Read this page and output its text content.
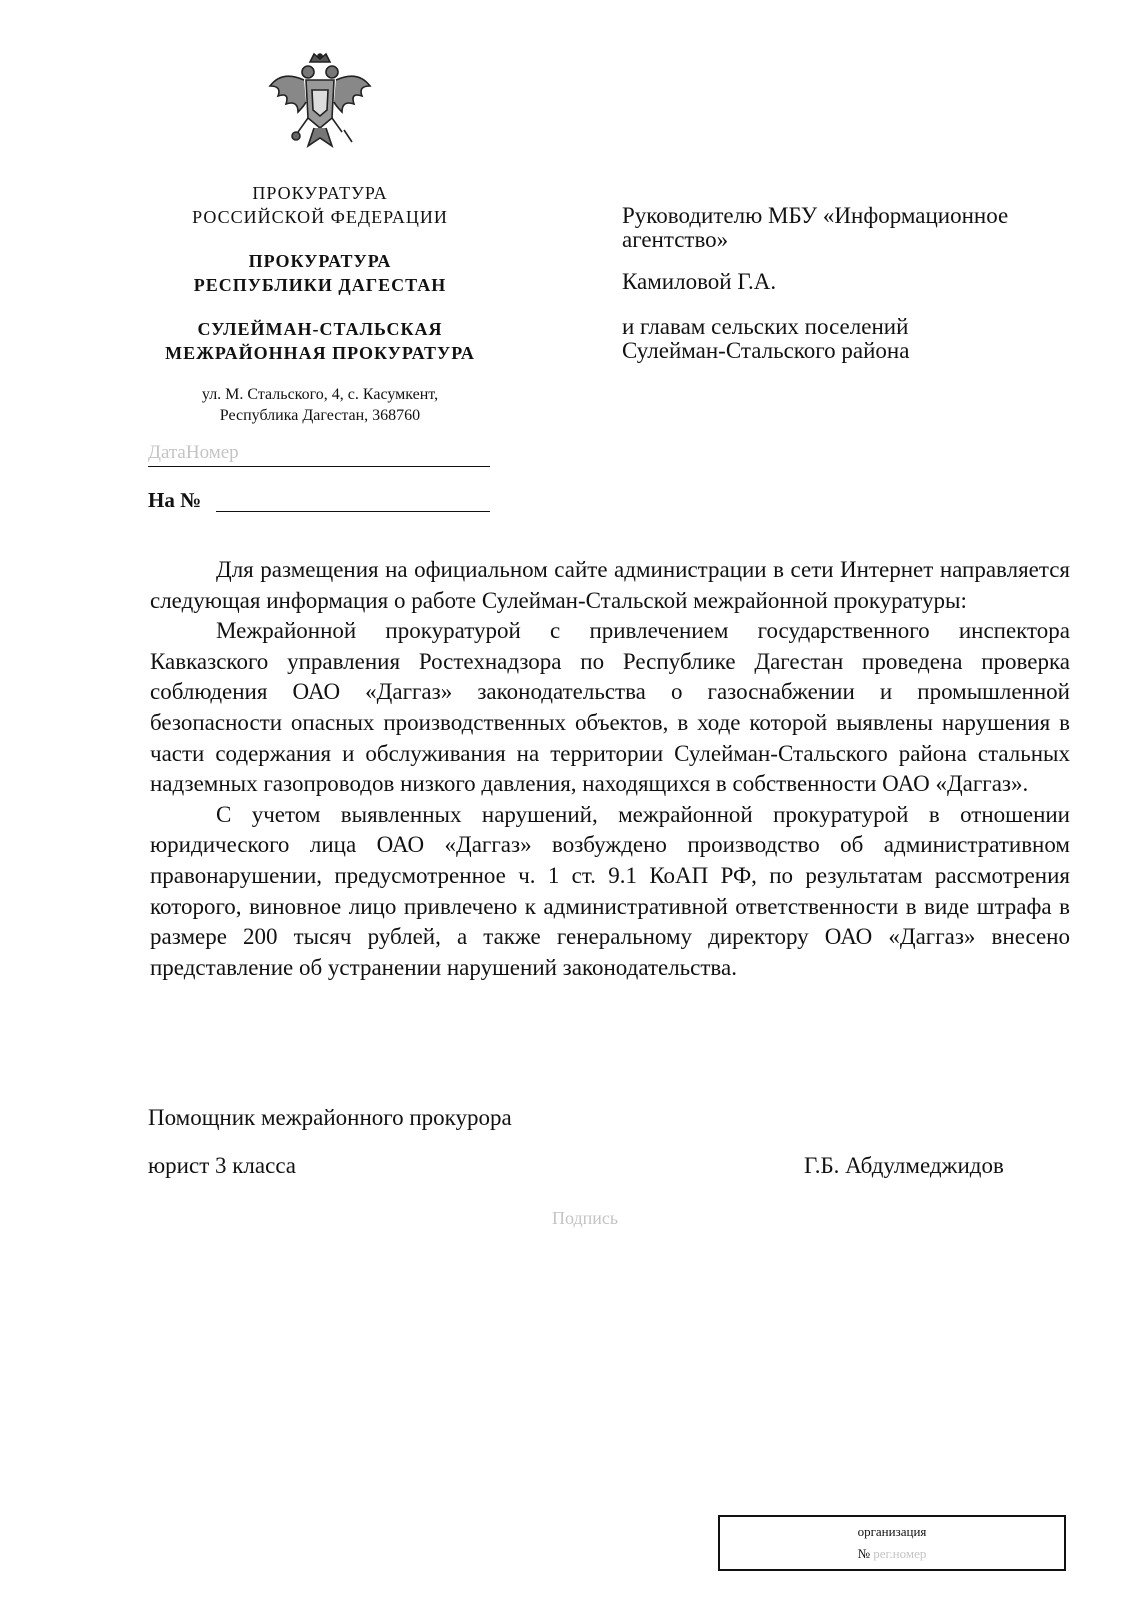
ПРОКУРАТУРА
РОССИЙСКОЙ ФЕДЕРАЦИИ
ПРОКУРАТУРА
РЕСПУБЛИКИ ДАГЕСТАН
СУЛЕЙМАН-СТАЛЬСКАЯ
МЕЖРАЙОННАЯ ПРОКУРАТУРА
ул. М. Стальского, 4, с. Касумкент,
Республика Дагестан, 368760
Руководителю МБУ «Информационное
агентство»
Камиловой Г.А.
и главам сельских поселений
Сулейман-Стальского района
ДатаНомер
На №

Для размещения на официальном сайте администрации в сети Интернет направляется следующая информация о работе Сулейман-Стальской межрайонной прокуратуры:

Межрайонной прокуратурой с привлечением государственного инспектора Кавказского управления Ростехнадзора по Республике Дагестан проведена проверка соблюдения ОАО «Даггаз» законодательства о газоснабжении и промышленной безопасности опасных производственных объектов, в ходе которой выявлены нарушения в части содержания и обслуживания на территории Сулейман-Стальского района стальных надземных газопроводов низкого давления, находящихся в собственности ОАО «Даггаз».

С учетом выявленных нарушений, межрайонной прокуратурой в отношении юридического лица ОАО «Даггаз» возбуждено производство об административном правонарушении, предусмотренное ч. 1 ст. 9.1 КоАП РФ, по результатам рассмотрения которого, виновное лицо привлечено к административной ответственности в виде штрафа в размере 200 тысяч рублей, а также генеральному директору ОАО «Даггаз» внесено представление об устранении нарушений законодательства.

Помощник межрайонного прокурора
юрист 3 класса	Г.Б. Абдулмеджидов
Подпись
организация
№ рег.номер
